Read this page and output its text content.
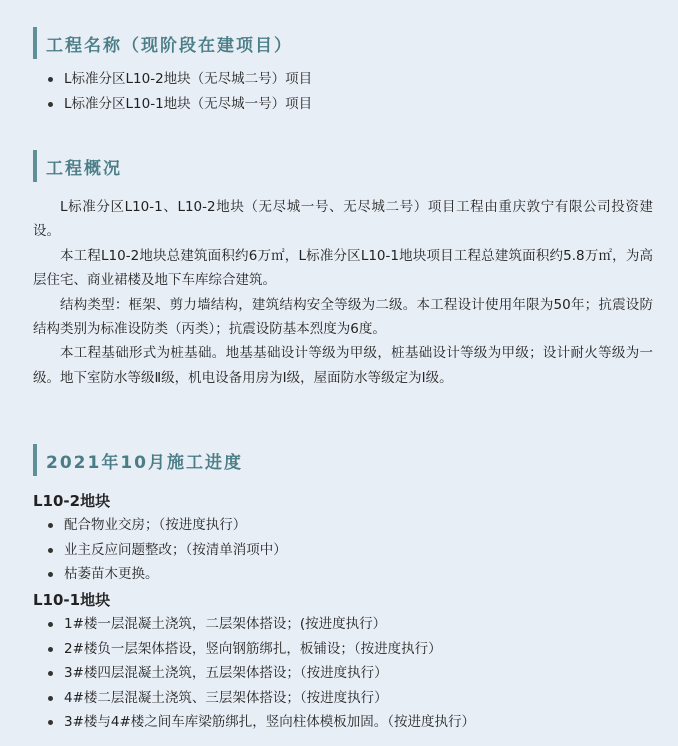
工程名称（现阶段在建项目）
L标准分区L10-2地块（无尽城二号）项目
L标准分区L10-1地块（无尽城一号）项目
工程概况

L标准分区L10-1、L10-2地块（无尽城一号、无尽城二号）项目工程由重庆敦宁有限公司投资建设。

本工程L10-2地块总建筑面积约6万㎡，L标准分区L10-1地块项目工程总建筑面积约5.8万㎡，为高层住宅、商业裙楼及地下车库综合建筑。

结构类型：框架、剪力墙结构，建筑结构安全等级为二级。本工程设计使用年限为50年；抗震设防结构类别为标准设防类（丙类）；抗震设防基本烈度为6度。

本工程基础形式为桩基础。地基基础设计等级为甲级，桩基础设计等级为甲级；设计耐火等级为一级。地下室防水等级Ⅱ级，机电设备用房为Ⅰ级，屋面防水等级定为Ⅰ级。

2021年10月施工进度
L10-2地块
配合物业交房；（按进度执行）
业主反应问题整改；（按清单消项中）
枯萎苗木更换。
L10-1地块
1#楼一层混凝土浇筑，二层架体搭设；(按进度执行）
2#楼负一层架体搭设，竖向钢筋绑扎，板铺设；（按进度执行）
3#楼四层混凝土浇筑，五层架体搭设；（按进度执行）
4#楼二层混凝土浇筑、三层架体搭设；（按进度执行）
3#楼与4#楼之间车库梁筋绑扎，竖向柱体模板加固。（按进度执行）
